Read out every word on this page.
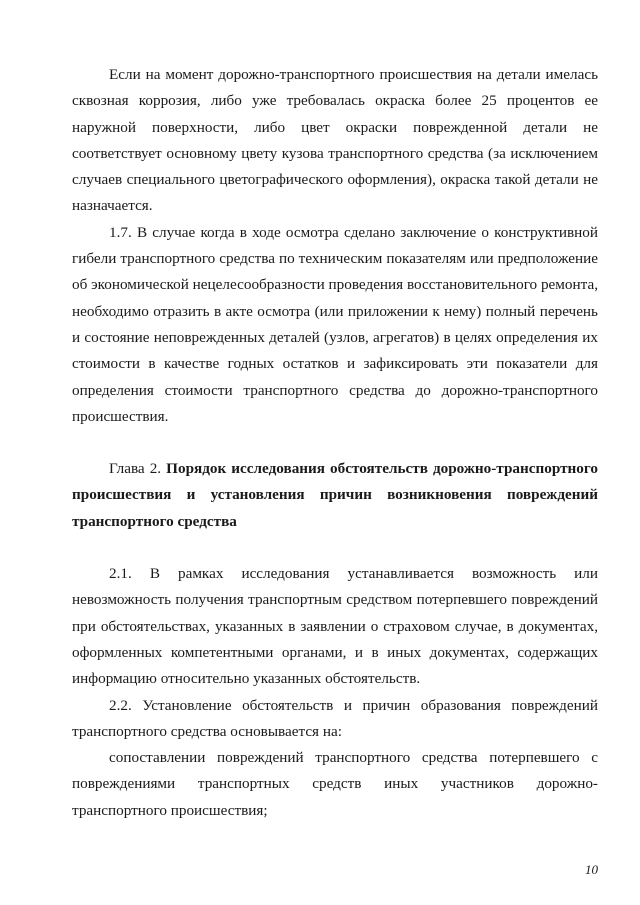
Если на момент дорожно-транспортного происшествия на детали имелась сквозная коррозия, либо уже требовалась окраска более 25 процентов ее наружной поверхности, либо цвет окраски поврежденной детали не соответствует основному цвету кузова транспортного средства (за исключением случаев специального цветографического оформления), окраска такой детали не назначается.

1.7. В случае когда в ходе осмотра сделано заключение о конструктивной гибели транспортного средства по техническим показателям или предположение об экономической нецелесообразности проведения восстановительного ремонта, необходимо отразить в акте осмотра (или приложении к нему) полный перечень и состояние неповрежденных деталей (узлов, агрегатов) в целях определения их стоимости в качестве годных остатков и зафиксировать эти показатели для определения стоимости транспортного средства до дорожно-транспортного происшествия.

Глава 2. Порядок исследования обстоятельств дорожно-транспортного происшествия и установления причин возникновения повреждений транспортного средства

2.1. В рамках исследования устанавливается возможность или невозможность получения транспортным средством потерпевшего повреждений при обстоятельствах, указанных в заявлении о страховом случае, в документах, оформленных компетентными органами, и в иных документах, содержащих информацию относительно указанных обстоятельств.

2.2. Установление обстоятельств и причин образования повреждений транспортного средства основывается на:

сопоставлении повреждений транспортного средства потерпевшего с повреждениями транспортных средств иных участников дорожно-транспортного происшествия;

10
